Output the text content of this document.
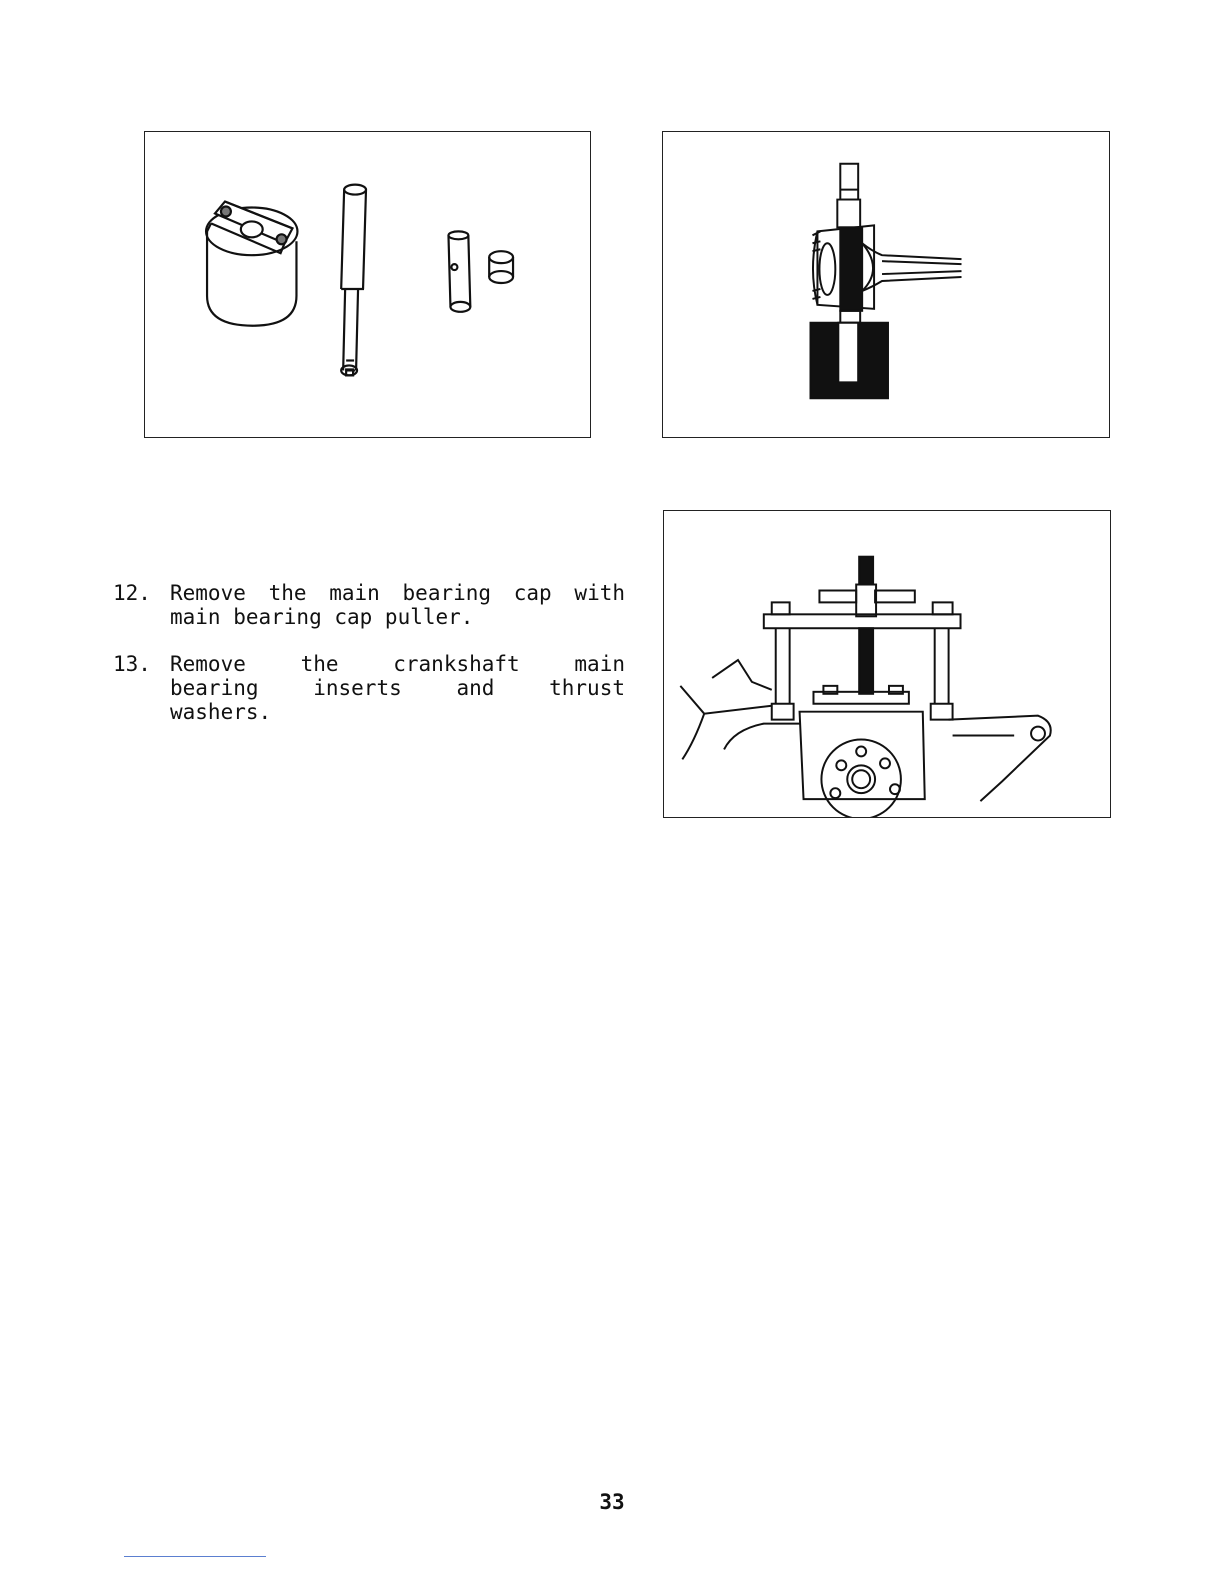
12. Remove the main bearing cap with main bearing cap puller.
13. Remove the crankshaft main
bearing inserts and thrust
washers.
33
